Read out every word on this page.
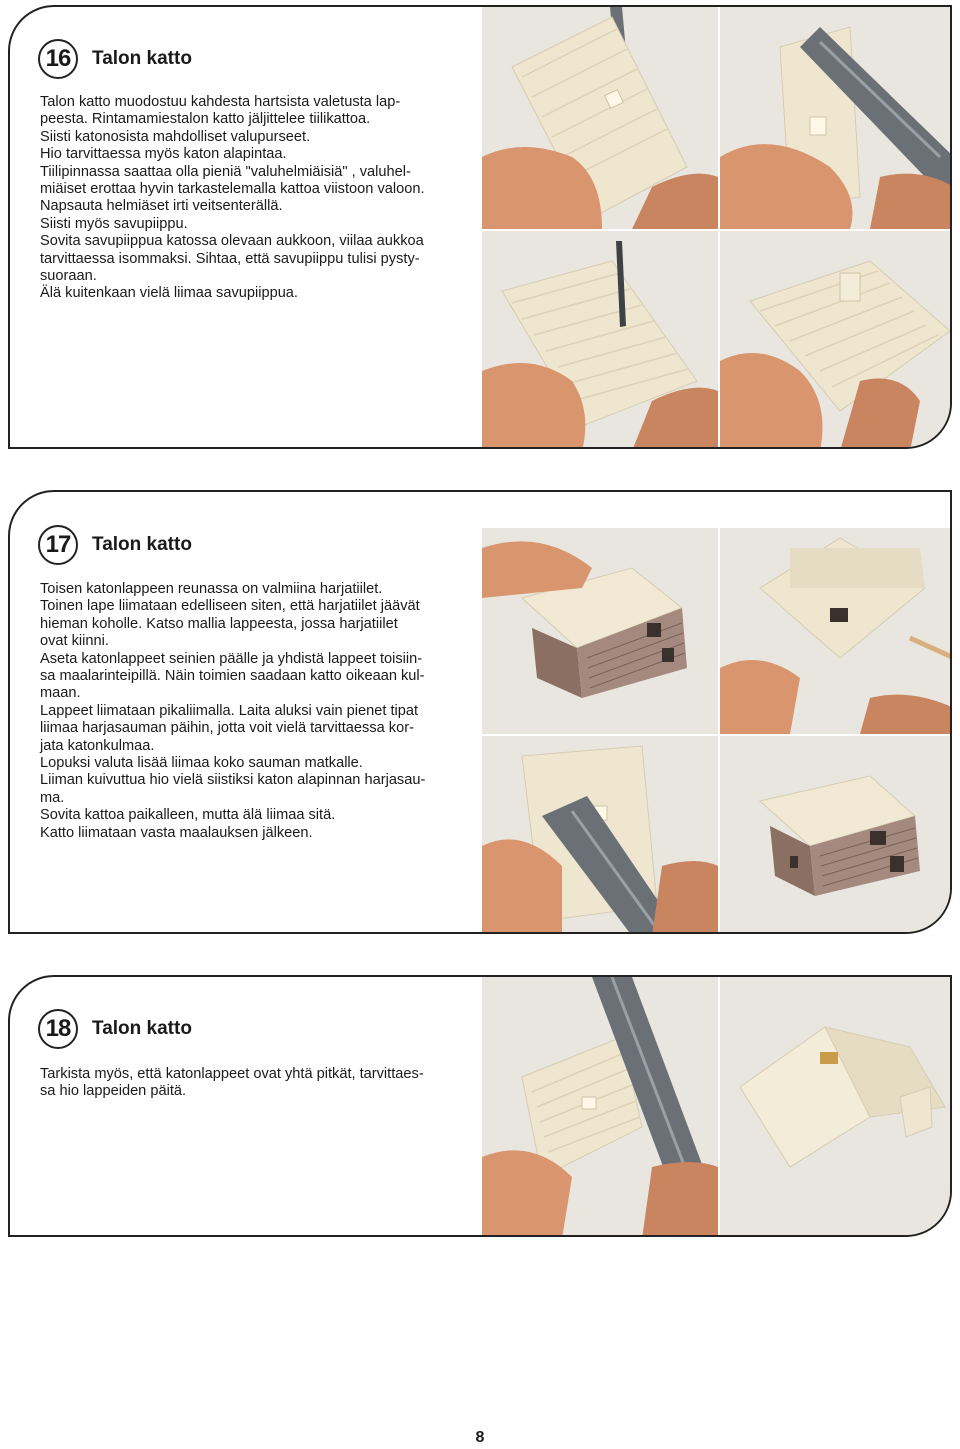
16	Talon katto

Talon katto muodostuu kahdesta hartsista valetusta lap-

peesta. Rintamamiestalon katto jäljittelee tiilikattoa.

Siisti katonosista mahdolliset valupurseet.

Hio tarvittaessa myös katon alapintaa.

Tiilipinnassa saattaa olla pieniä "valuhelmiäisiä" , valuhel-

miäiset erottaa hyvin tarkastelemalla kattoa viistoon valoon.

Napsauta helmiäset irti veitsenterällä.

Siisti myös savupiippu.

Sovita savupiippua katossa olevaan aukkoon, viilaa aukkoa

tarvittaessa isommaksi. Sihtaa, että savupiippu tulisi pysty-

suoraan.

Älä kuitenkaan vielä liimaa savupiippua.

17	Talon katto

Toisen katonlappeen reunassa on valmiina harjatiilet.

Toinen lape liimataan edelliseen siten, että harjatiilet jäävät

hieman koholle. Katso mallia lappeesta, jossa harjatiilet

ovat kiinni.

Aseta katonlappeet seinien päälle ja yhdistä lappeet toisiin-

sa maalarinteipillä. Näin toimien saadaan katto oikeaan kul-

maan.

Lappeet liimataan pikaliimalla. Laita aluksi vain pienet tipat

liimaa harjasauman päihin, jotta voit vielä tarvittaessa kor-

jata katonkulmaa.

Lopuksi valuta lisää liimaa koko sauman matkalle.

Liiman kuivuttua hio vielä siistiksi katon alapinnan harjasau-

ma.

Sovita kattoa paikalleen, mutta älä liimaa sitä.

Katto liimataan vasta maalauksen jälkeen.

18	Talon katto

Tarkista myös, että katonlappeet ovat yhtä pitkät, tarvittaes-

sa hio lappeiden päitä.

8
